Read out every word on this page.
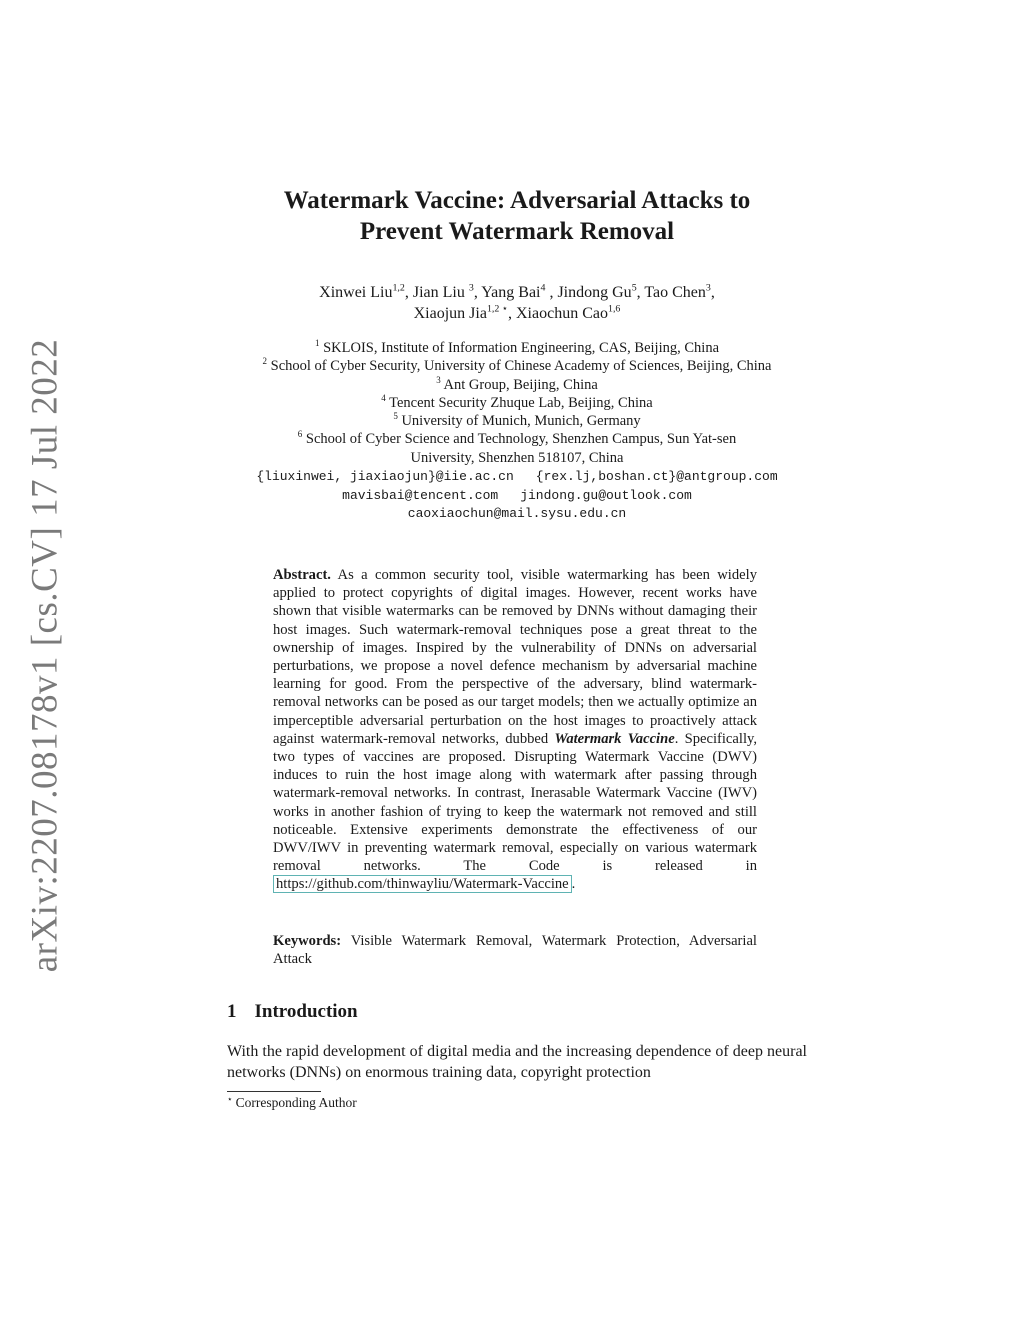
arXiv:2207.08178v1 [cs.CV] 17 Jul 2022
Watermark Vaccine: Adversarial Attacks to
Prevent Watermark Removal
Xinwei Liu$^{1,2}$, Jian Liu $^3$, Yang Bai$^4$ , Jindong Gu$^5$, Tao Chen$^3$,
Xiaojun Jia$^{1,2 ⋆}$, Xiaochun Cao$^{1,6}$
$^1$ SKLOIS, Institute of Information Engineering, CAS, Beijing, China
$^2$ School of Cyber Security, University of Chinese Academy of Sciences, Beijing, China
$^3$ Ant Group, Beijing, China
$^4$ Tencent Security Zhuque Lab, Beijing, China
$^5$ University of Munich, Munich, Germany
$^6$ School of Cyber Science and Technology, Shenzhen Campus, Sun Yat-sen
University, Shenzhen 518107, China
{liuxinwei, jiaxiaojun}@iie.ac.cn {rex.lj,boshan.ct}@antgroup.com
mavisbai@tencent.com jindong.gu@outlook.com
caoxiaochun@mail.sysu.edu.cn
Abstract. As a common security tool, visible watermarking has been widely applied to protect copyrights of digital images. However, recent works have shown that visible watermarks can be removed by DNNs without damaging their host images. Such watermark-removal techniques pose a great threat to the ownership of images. Inspired by the vulnerability of DNNs on adversarial perturbations, we propose a novel defence mechanism by adversarial machine learning for good. From the perspective of the adversary, blind watermark-removal networks can be posed as our target models; then we actually optimize an imperceptible adversarial perturbation on the host images to proactively attack against watermark-removal networks, dubbed Watermark Vaccine. Specifically, two types of vaccines are proposed. Disrupting Watermark Vaccine (DWV) induces to ruin the host image along with watermark after passing through watermark-removal networks. In contrast, Inerasable Watermark Vaccine (IWV) works in another fashion of trying to keep the watermark not removed and still noticeable. Extensive experiments demonstrate the effectiveness of our DWV/IWV in preventing watermark removal, especially on various watermark removal networks. The Code is released in https://github.com/thinwayliu/Watermark-Vaccine .
Keywords: Visible Watermark Removal, Watermark Protection, Adversarial Attack
1 Introduction
With the rapid development of digital media and the increasing dependence of deep neural networks (DNNs) on enormous training data, copyright protection
⋆ Corresponding Author
